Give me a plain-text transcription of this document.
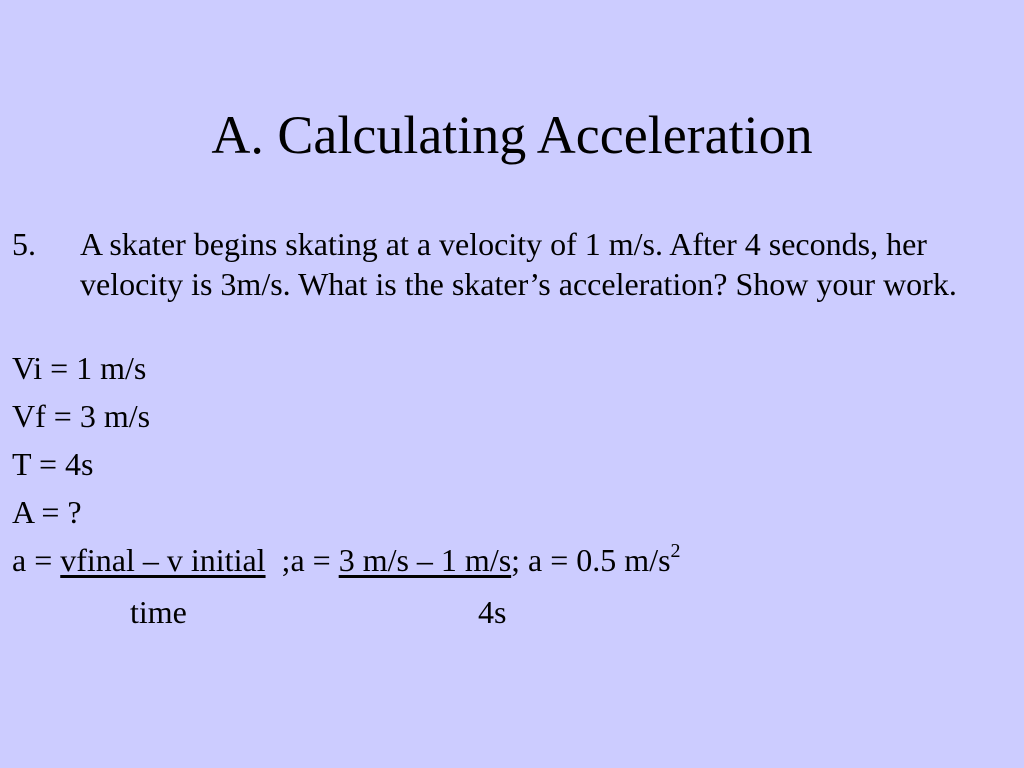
A. Calculating Acceleration
5. A skater begins skating at a velocity of 1 m/s. After 4 seconds, her velocity is 3m/s. What is the skater’s acceleration? Show your work.
Vi = 1 m/s
Vf = 3 m/s
T = 4s
A = ?
a = vfinal – v initial  ;a = 3 m/s – 1 m/s; a = 0.5 $m/s^2$
time	4s
